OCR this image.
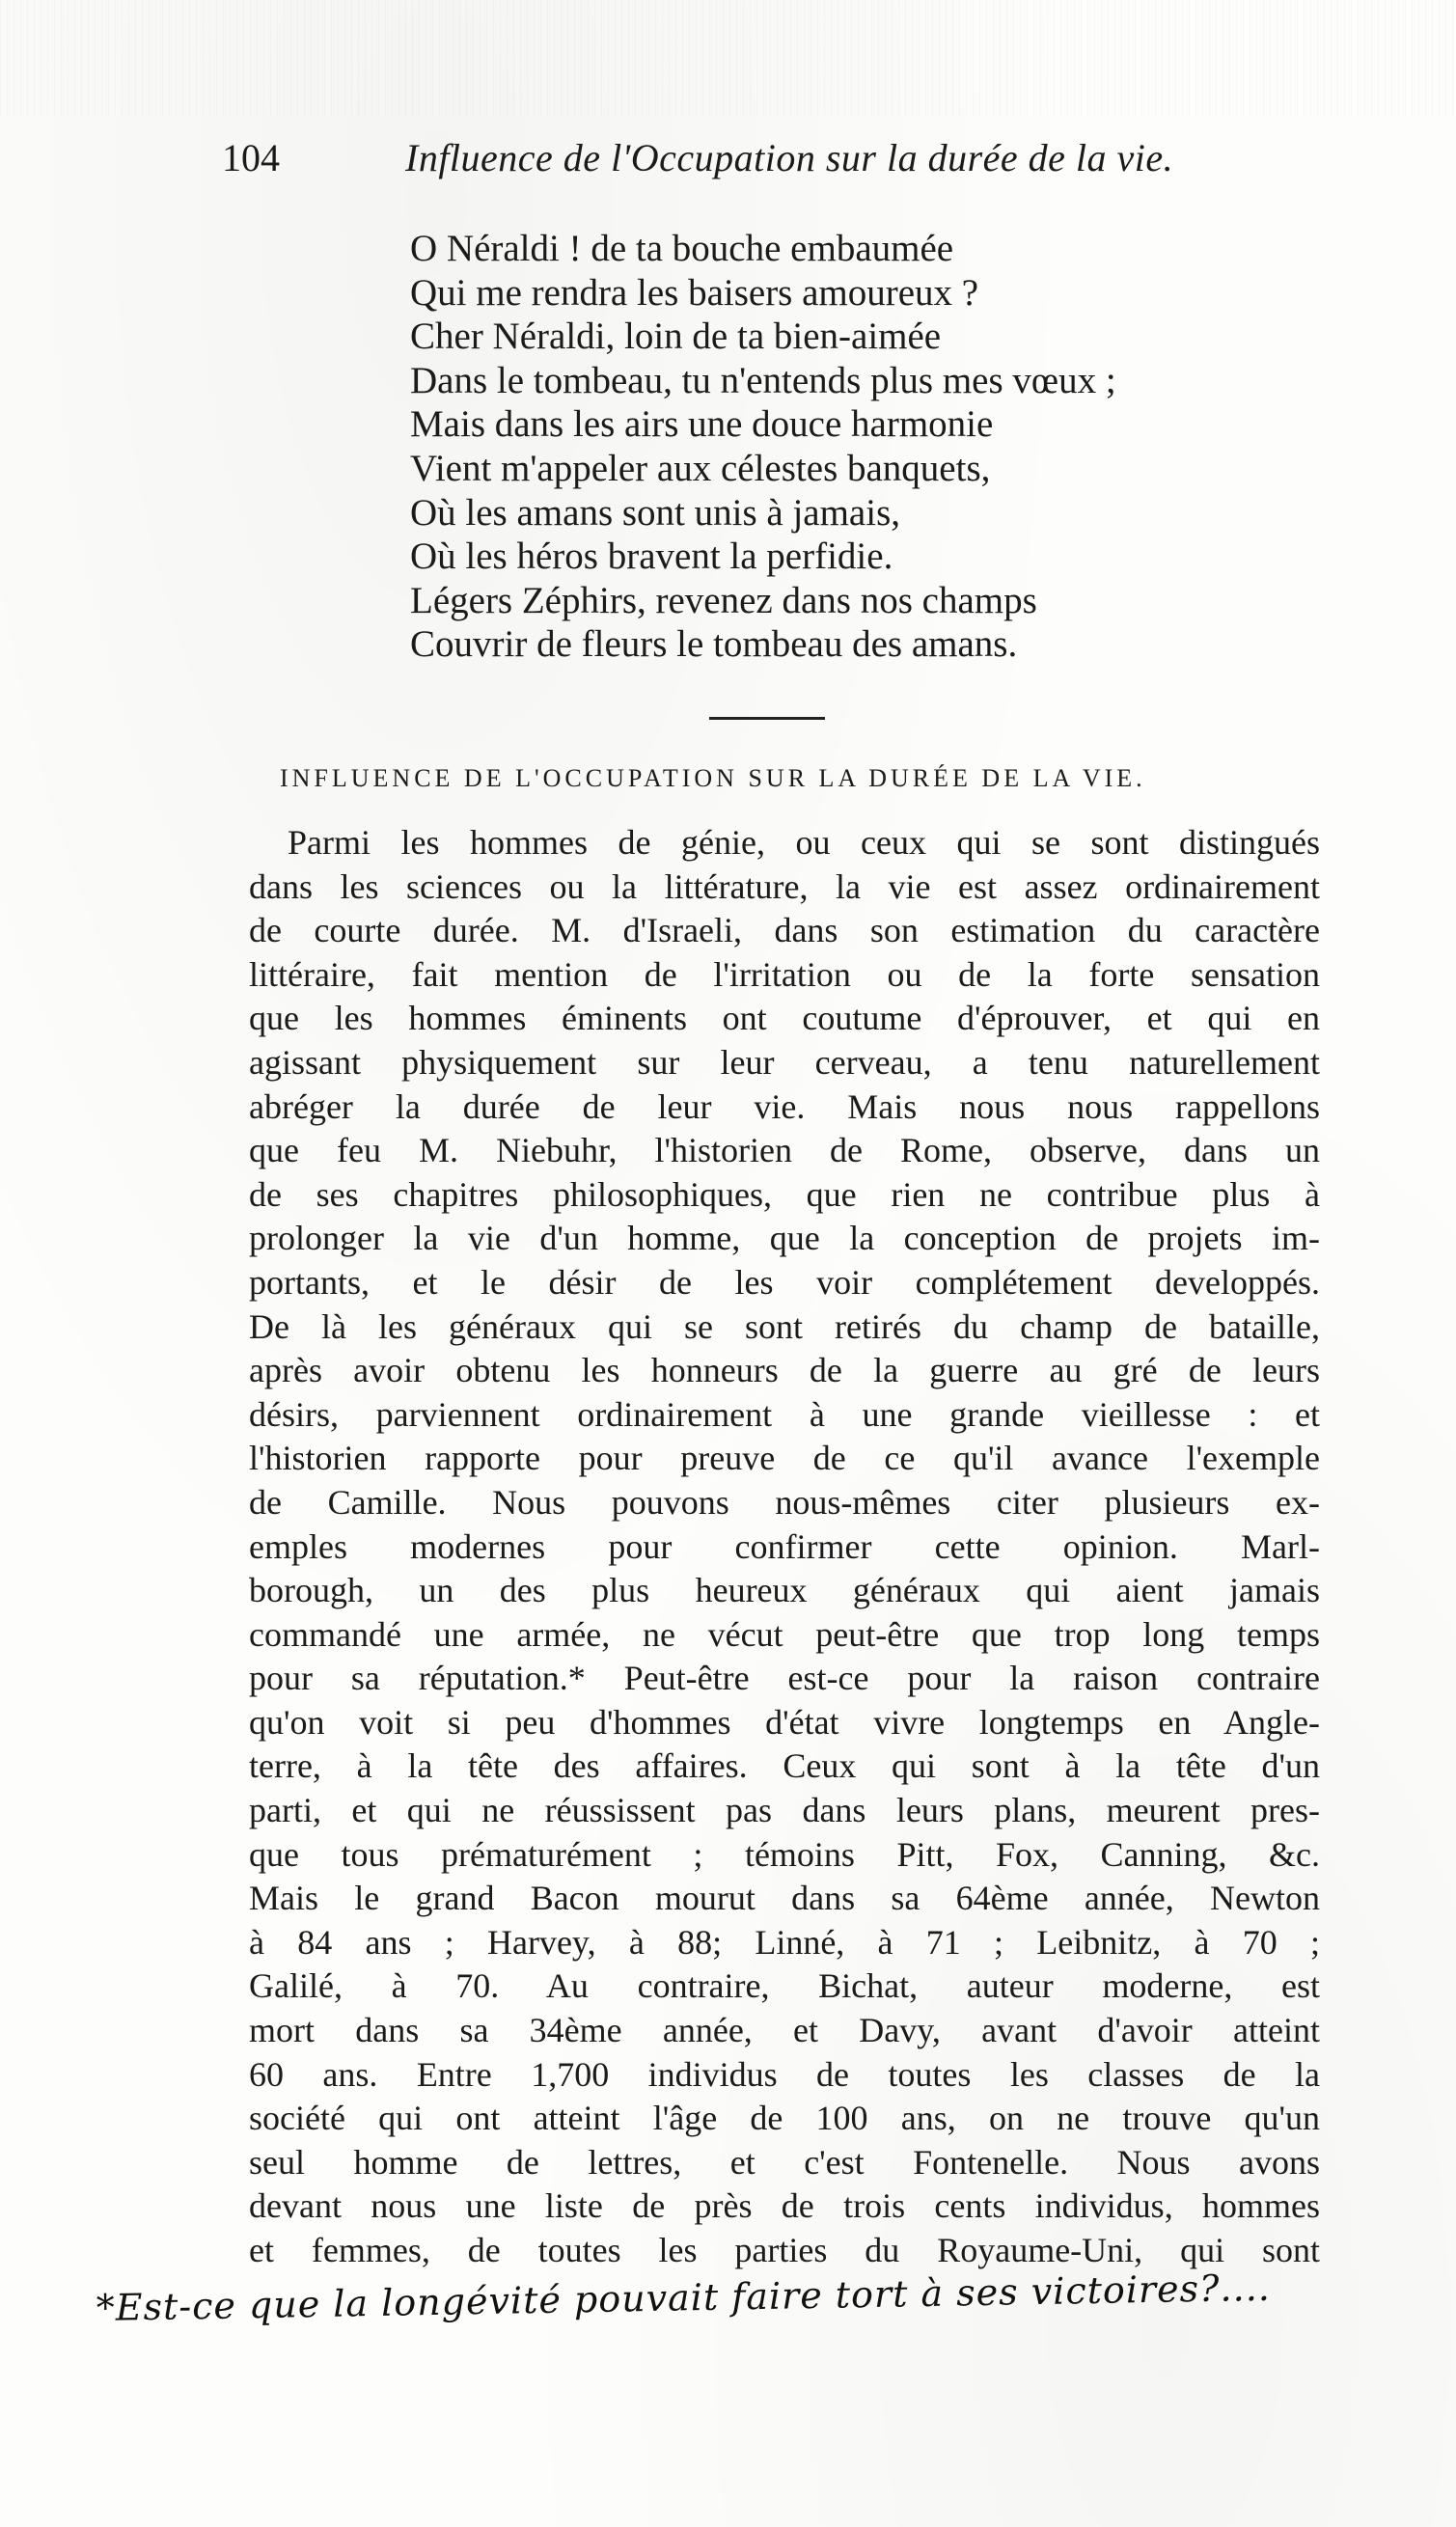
104	Influence de l'Occupation sur la durée de la vie.
O Néraldi ! de ta bouche embaumée
Qui me rendra les baisers amoureux ?
Cher Néraldi, loin de ta bien-aimée
Dans le tombeau, tu n'entends plus mes vœux ;
Mais dans les airs une douce harmonie
Vient m'appeler aux célestes banquets,
Où les amans sont unis à jamais,
Où les héros bravent la perfidie.
Légers Zéphirs, revenez dans nos champs
Couvrir de fleurs le tombeau des amans.
INFLUENCE DE L'OCCUPATION SUR LA DURÉE DE LA VIE.
Parmi les hommes de génie, ou ceux qui se sont distingués
dans les sciences ou la littérature, la vie est assez ordinairement
de courte durée. M. d'Israeli, dans son estimation du caractère
littéraire, fait mention de l'irritation ou de la forte sensation
que les hommes éminents ont coutume d'éprouver, et qui en
agissant physiquement sur leur cerveau, a tenu naturellement
abréger la durée de leur vie. Mais nous nous rappellons
que feu M. Niebuhr, l'historien de Rome, observe, dans un
de ses chapitres philosophiques, que rien ne contribue plus à
prolonger la vie d'un homme, que la conception de projets im-
portants, et le désir de les voir complétement developpés.
De là les généraux qui se sont retirés du champ de bataille,
après avoir obtenu les honneurs de la guerre au gré de leurs
désirs, parviennent ordinairement à une grande vieillesse : et
l'historien rapporte pour preuve de ce qu'il avance l'exemple
de Camille. Nous pouvons nous-mêmes citer plusieurs ex-
emples modernes pour confirmer cette opinion. Marl-
borough, un des plus heureux généraux qui aient jamais
commandé une armée, ne vécut peut-être que trop long temps
pour sa réputation.* Peut-être est-ce pour la raison contraire
qu'on voit si peu d'hommes d'état vivre longtemps en Angle-
terre, à la tête des affaires. Ceux qui sont à la tête d'un
parti, et qui ne réussissent pas dans leurs plans, meurent pres-
que tous prématurément ; témoins Pitt, Fox, Canning, &c.
Mais le grand Bacon mourut dans sa 64ème année, Newton
à 84 ans ; Harvey, à 88; Linné, à 71 ; Leibnitz, à 70 ;
Galilé, à 70. Au contraire, Bichat, auteur moderne, est
mort dans sa 34ème année, et Davy, avant d'avoir atteint
60 ans. Entre 1,700 individus de toutes les classes de la
société qui ont atteint l'âge de 100 ans, on ne trouve qu'un
seul homme de lettres, et c'est Fontenelle. Nous avons
devant nous une liste de près de trois cents individus, hommes
et femmes, de toutes les parties du Royaume-Uni, qui sont
*Est-ce que la longévité pouvait faire tort à ses victoires?....
